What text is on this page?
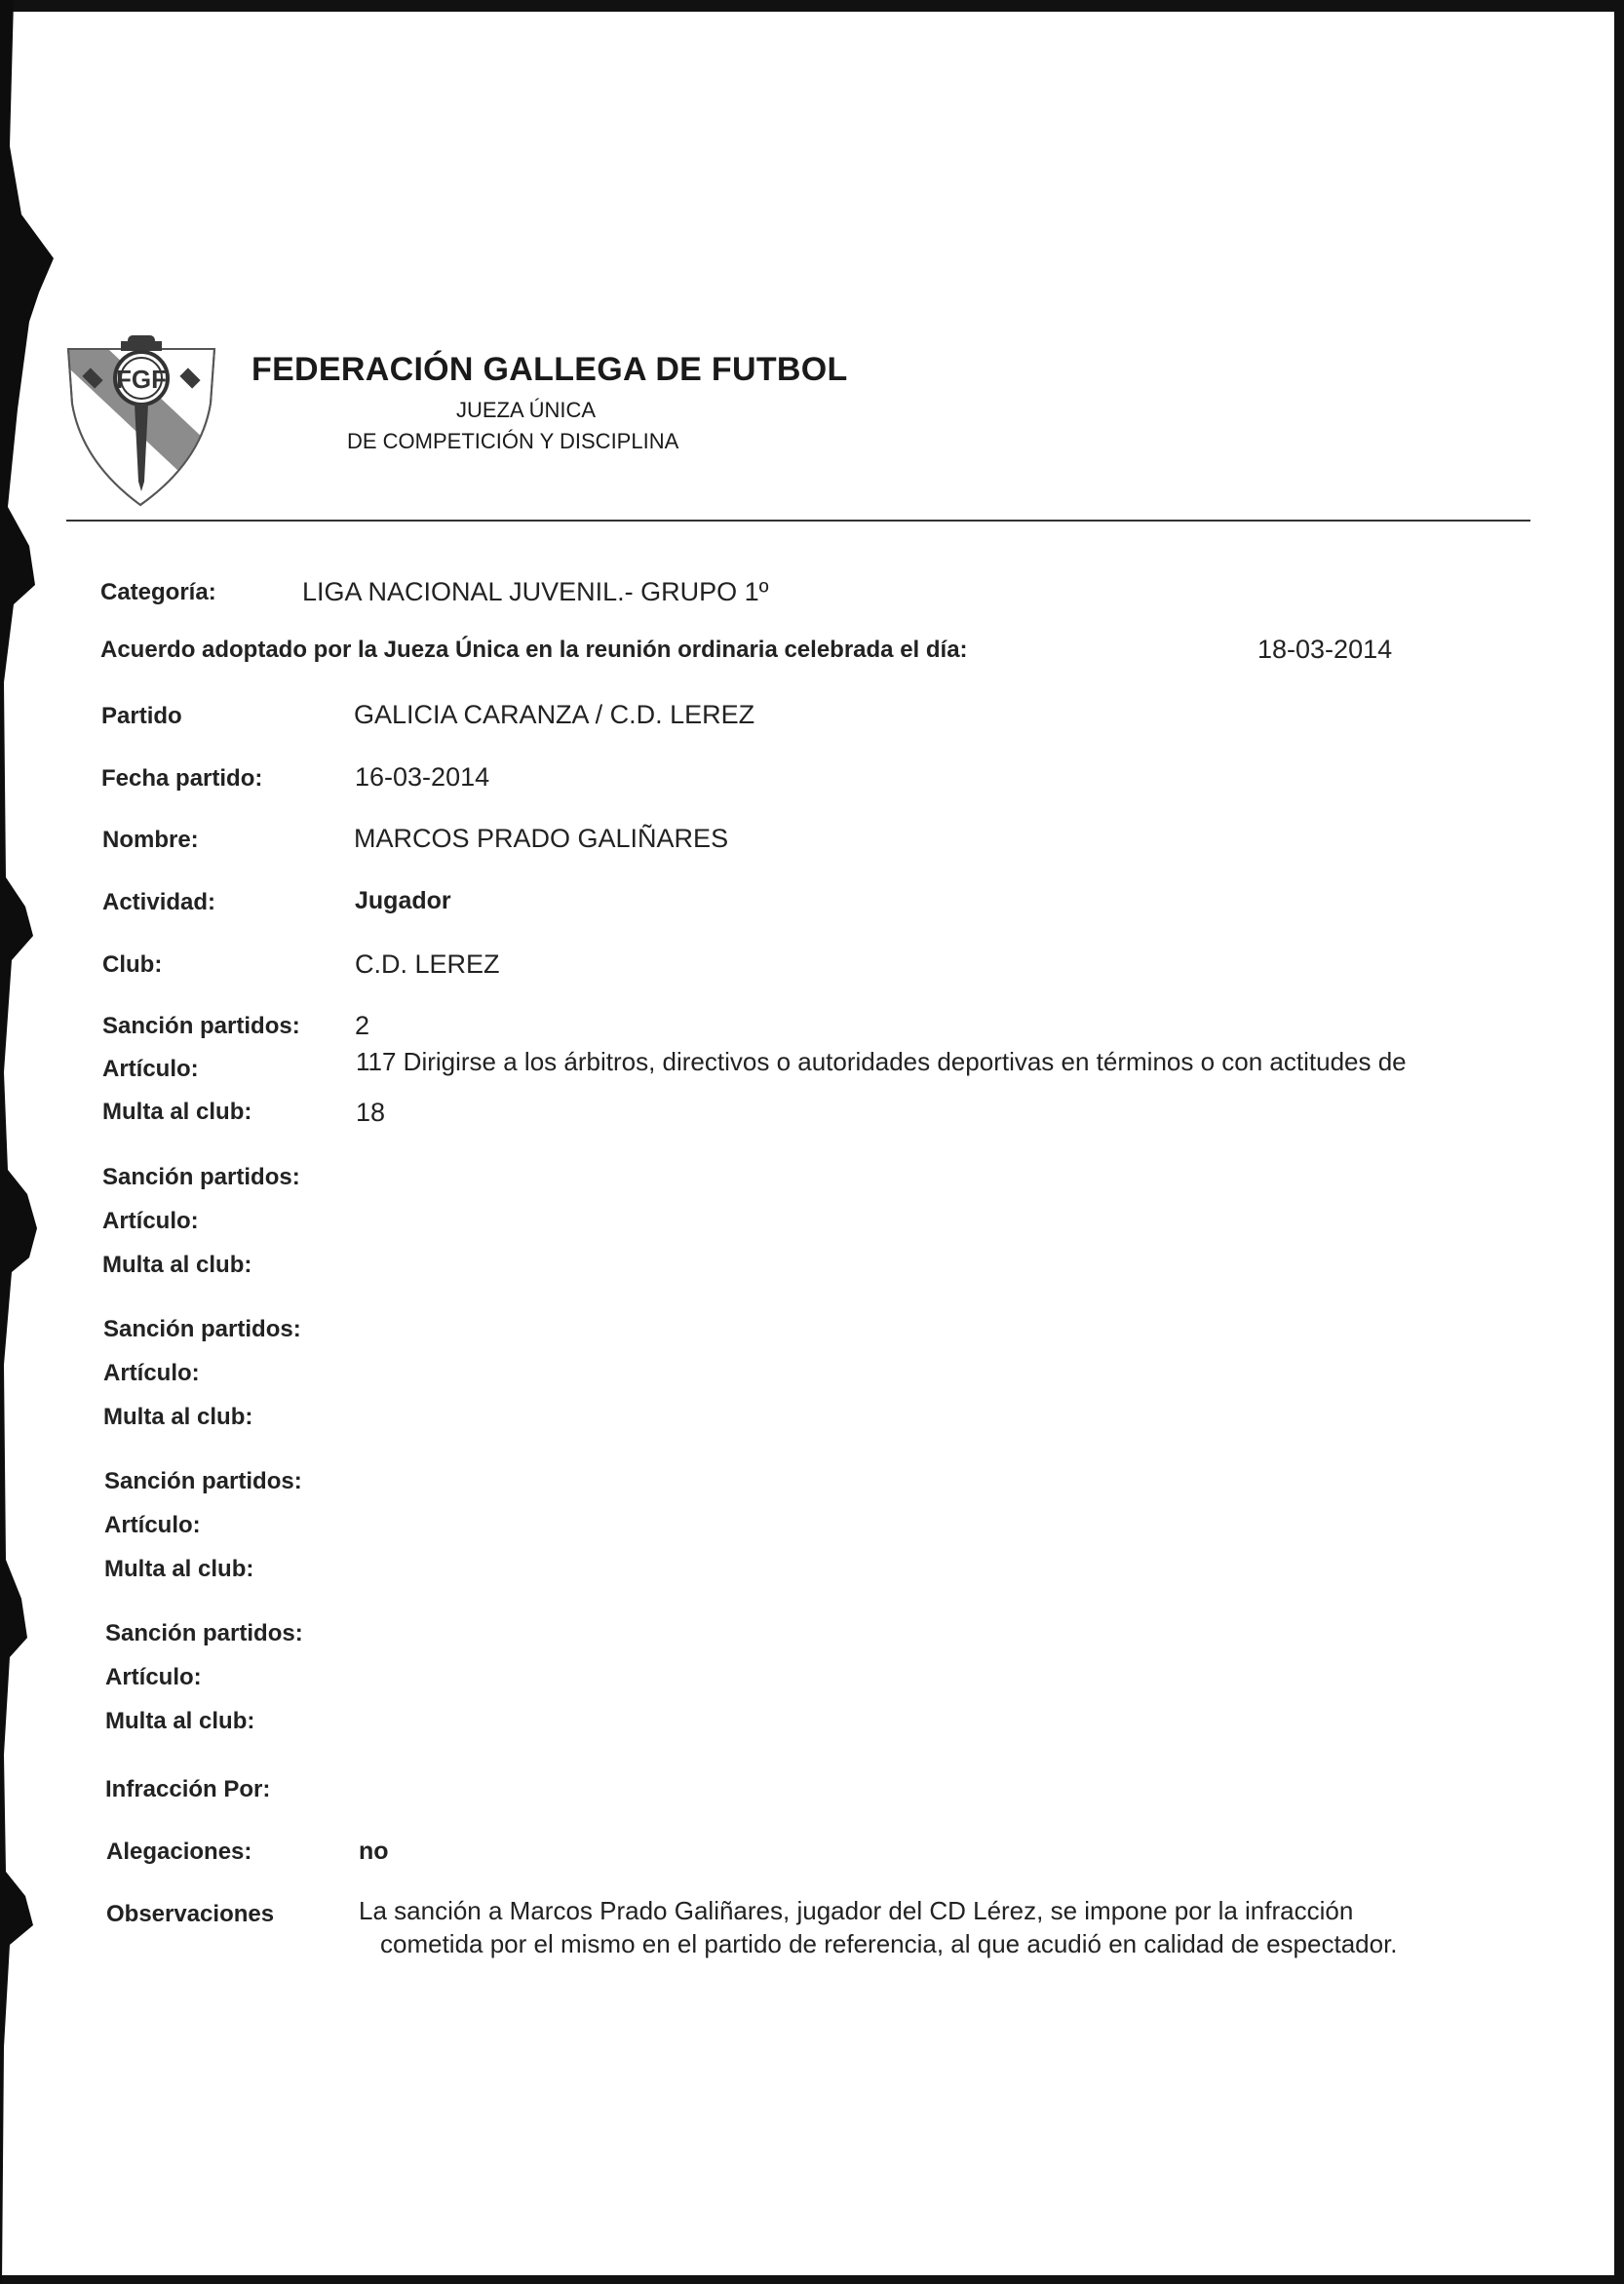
FGF	FEDERACIÓN GALLEGA DE FUTBOL
JUEZA ÚNICA
DE COMPETICIÓN Y DISCIPLINA
Categoría:	LIGA NACIONAL JUVENIL.- GRUPO 1º
Acuerdo adoptado por la Jueza Única en la reunión ordinaria celebrada el día:	18-03-2014
Partido	GALICIA CARANZA / C.D. LEREZ
Fecha partido:	16-03-2014
Nombre:	MARCOS PRADO GALIÑARES
Actividad:	Jugador
Club:	C.D. LEREZ
Sanción partidos: 2
Artículo:	117 Dirigirse a los árbitros, directivos o autoridades deportivas en términos o con actitudes de
Multa al club:	18
Sanción partidos:
Artículo:
Multa al club:
Sanción partidos:
Artículo:
Multa al club:
Sanción partidos:
Artículo:
Multa al club:
Sanción partidos:
Artículo:
Multa al club:
Infracción Por:
Alegaciones:	no
Observaciones	La sanción a Marcos Prado Galiñares, jugador del CD Lérez, se impone por la infracción
cometida por el mismo en el partido de referencia, al que acudió en calidad de espectador.
